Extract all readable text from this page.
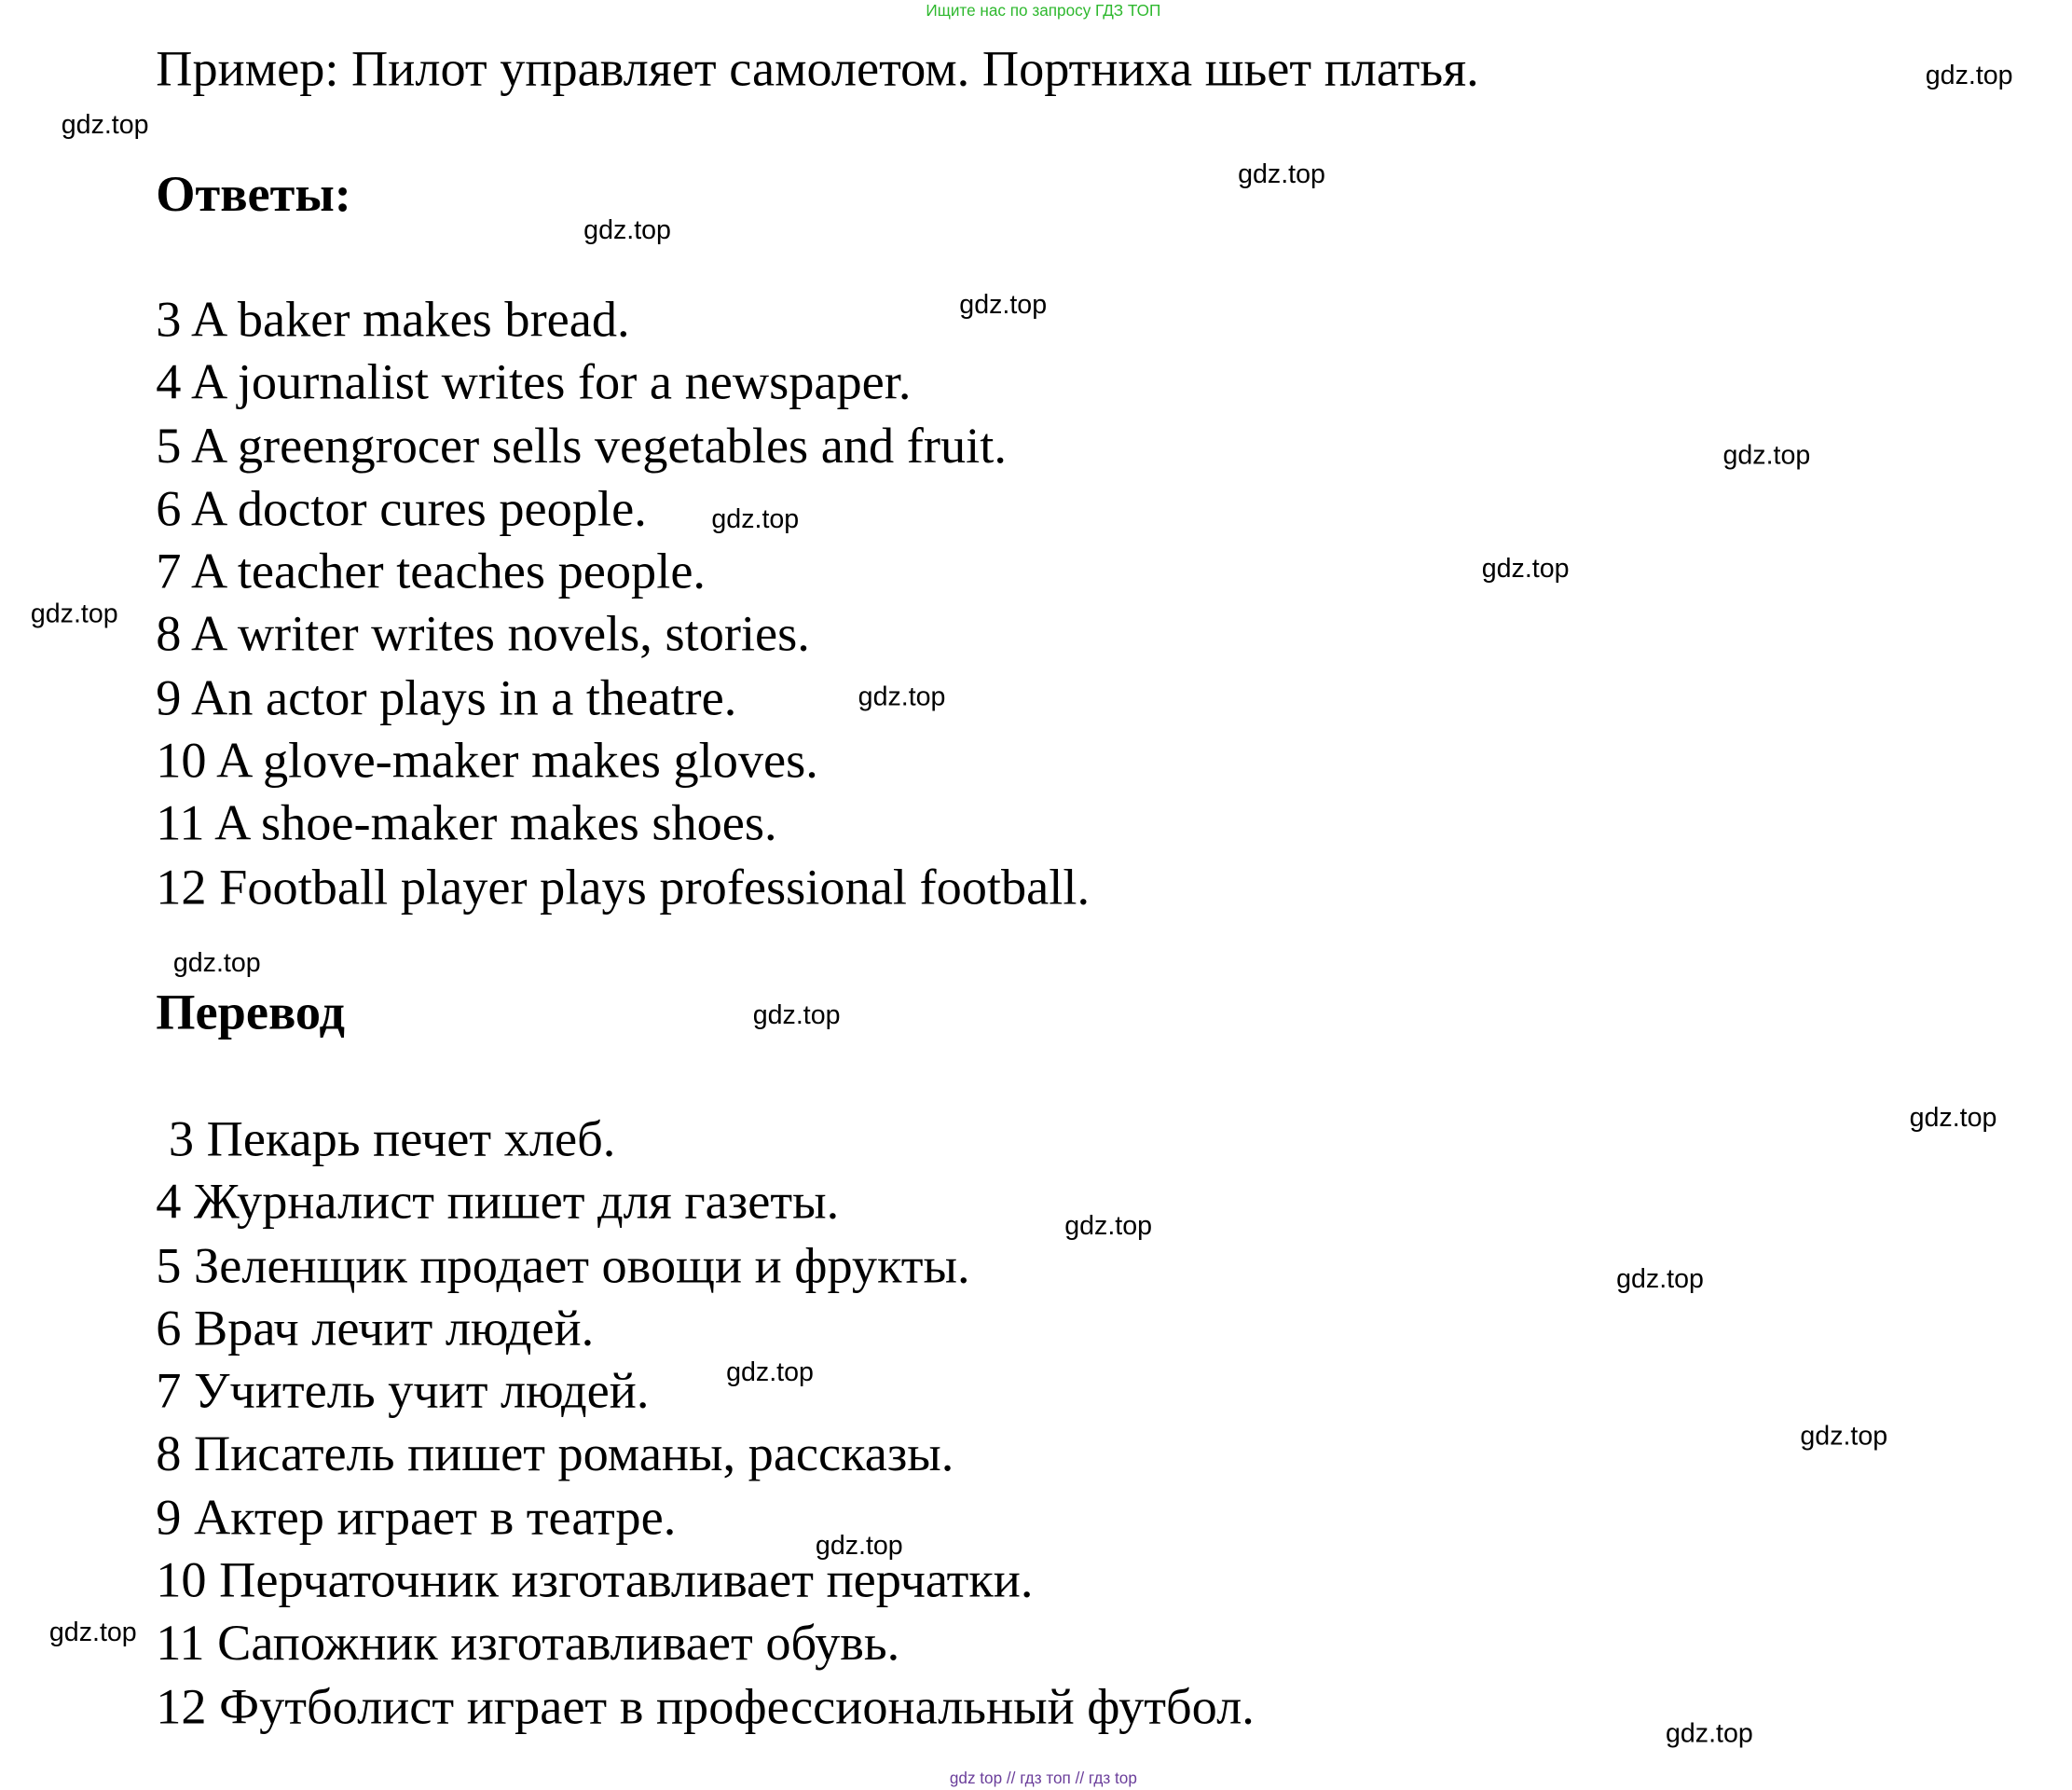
Ищите нас по запросу ГДЗ ТОП
Пример: Пилот управляет самолетом. Портниха шьет платья.
Ответы:
3 A baker makes bread.
4 A journalist writes for a newspaper.
5 A greengrocer sells vegetables and fruit.
6 A doctor cures people.
7 A teacher teaches people.
8 A writer writes novels, stories.
9 An actor plays in a theatre.
10 A glove-maker makes gloves.
11 A shoe-maker makes shoes.
12 Football player plays professional football.
Перевод
3 Пекарь печет хлеб.
4 Журналист пишет для газеты.
5 Зеленщик продает овощи и фрукты.
6 Врач лечит людей.
7 Учитель учит людей.
8 Писатель пишет романы, рассказы.
9 Актер играет в театре.
10 Перчаточник изготавливает перчатки.
11 Сапожник изготавливает обувь.
12 Футболист играет в профессиональный футбол.
gdz.top
gdz.top
gdz.top
gdz.top
gdz.top
gdz.top
gdz.top
gdz.top
gdz.top
gdz.top
gdz.top
gdz.top
gdz.top
gdz.top
gdz.top
gdz.top
gdz.top
gdz.top
gdz.top
gdz.top
gdz top // гдз топ // гдз top
